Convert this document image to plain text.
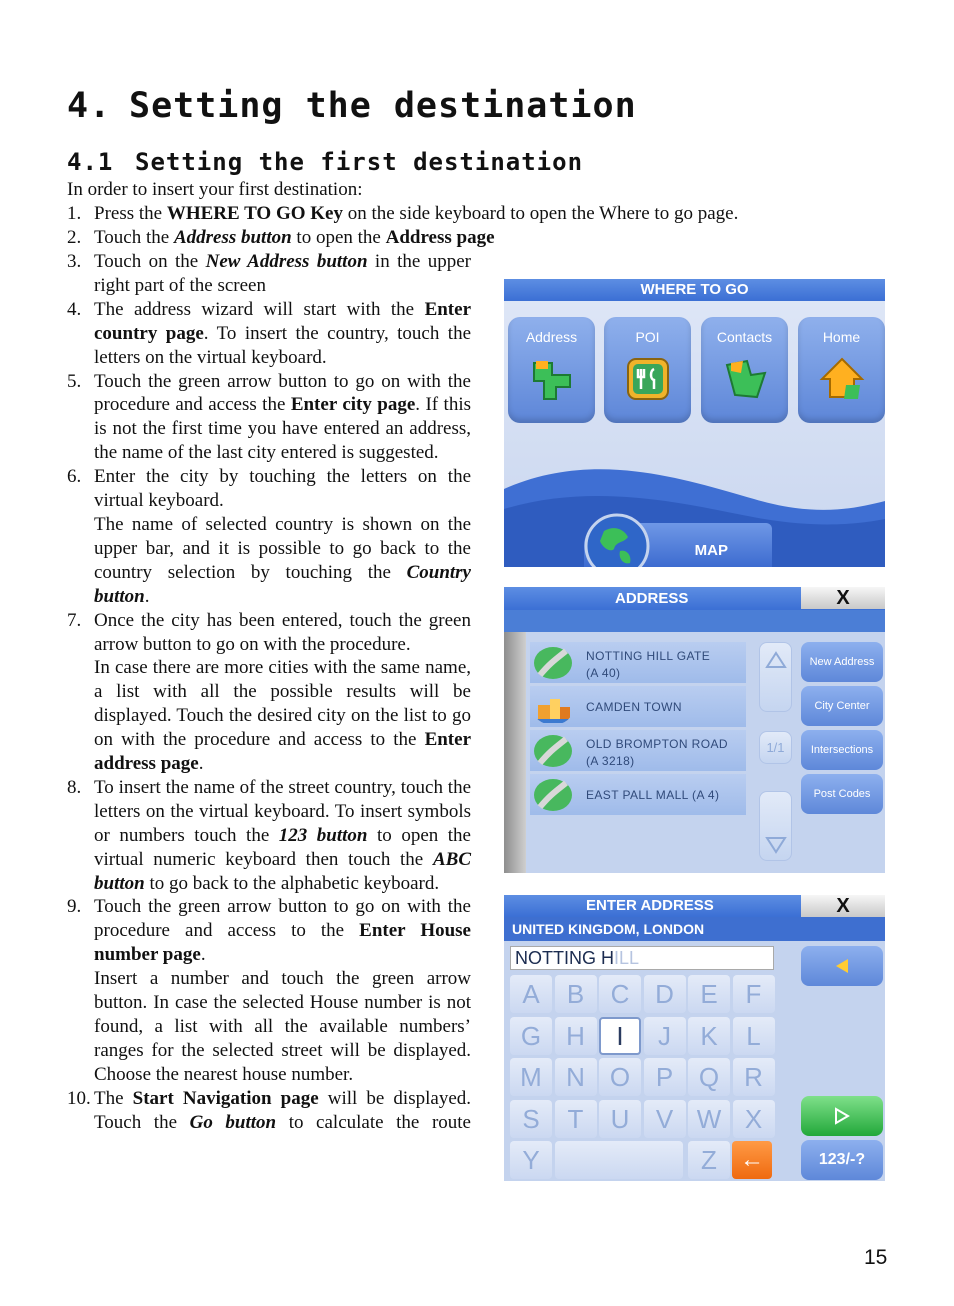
4. Setting the destination
4.1 Setting the first destination
In order to insert your first destination:
1. Press the WHERE TO GO Key on the side keyboard to open the Where to go page.
2. Touch the Address button to open the Address page
3. Touch on the New Address button in the upper right part of the screen
4. The address wizard will start with the Enter country page. To insert the country, touch the letters on the virtual keyboard.
5. Touch the green arrow button to go on with the procedure and access the Enter city page. If this is not the first time you have entered an address, the name of the last city entered is suggested.
6. Enter the city by touching the letters on the virtual keyboard.
The name of selected country is shown on the upper bar, and it is possible to go back to the country selection by touching the Country button.
7. Once the city has been entered, touch the green arrow button to go on with the procedure.
In case there are more cities with the same name, a list with all the possible results will be displayed. Touch the desired city on the list to go on with the procedure and access to the Enter address page.
8. To insert the name of the street country, touch the letters on the virtual keyboard. To insert symbols or numbers touch the 123 button to open the virtual numeric keyboard then touch the ABC button to go back to the alphabetic keyboard.
9. Touch the green arrow button to go on with the procedure and access to the Enter House number page.
Insert a number and touch the green arrow button. In case the selected House number is not found, a list with all the available numbers’ ranges for the selected street will be displayed. Choose the nearest house number.
10. The Start Navigation page will be displayed. Touch the Go button to calculate the route
WHERE TO GO
Address	POI	Contacts	Home
MAP
ADDRESS	X
NOTTING HILL GATE
(A 40)
CAMDEN TOWN
OLD BROMPTON ROAD
(A 3218)
EAST PALL MALL (A 4)
1/1
New Address
City Center
Intersections
Post Codes
ENTER ADDRESS	X
UNITED KINGDOM, LONDON
NOTTING HILL
A	B	C D	E	F
G H	I	J	K	L
M N O P Q R
S	T	U	V W X
Y	Z ←	123/-?
15
